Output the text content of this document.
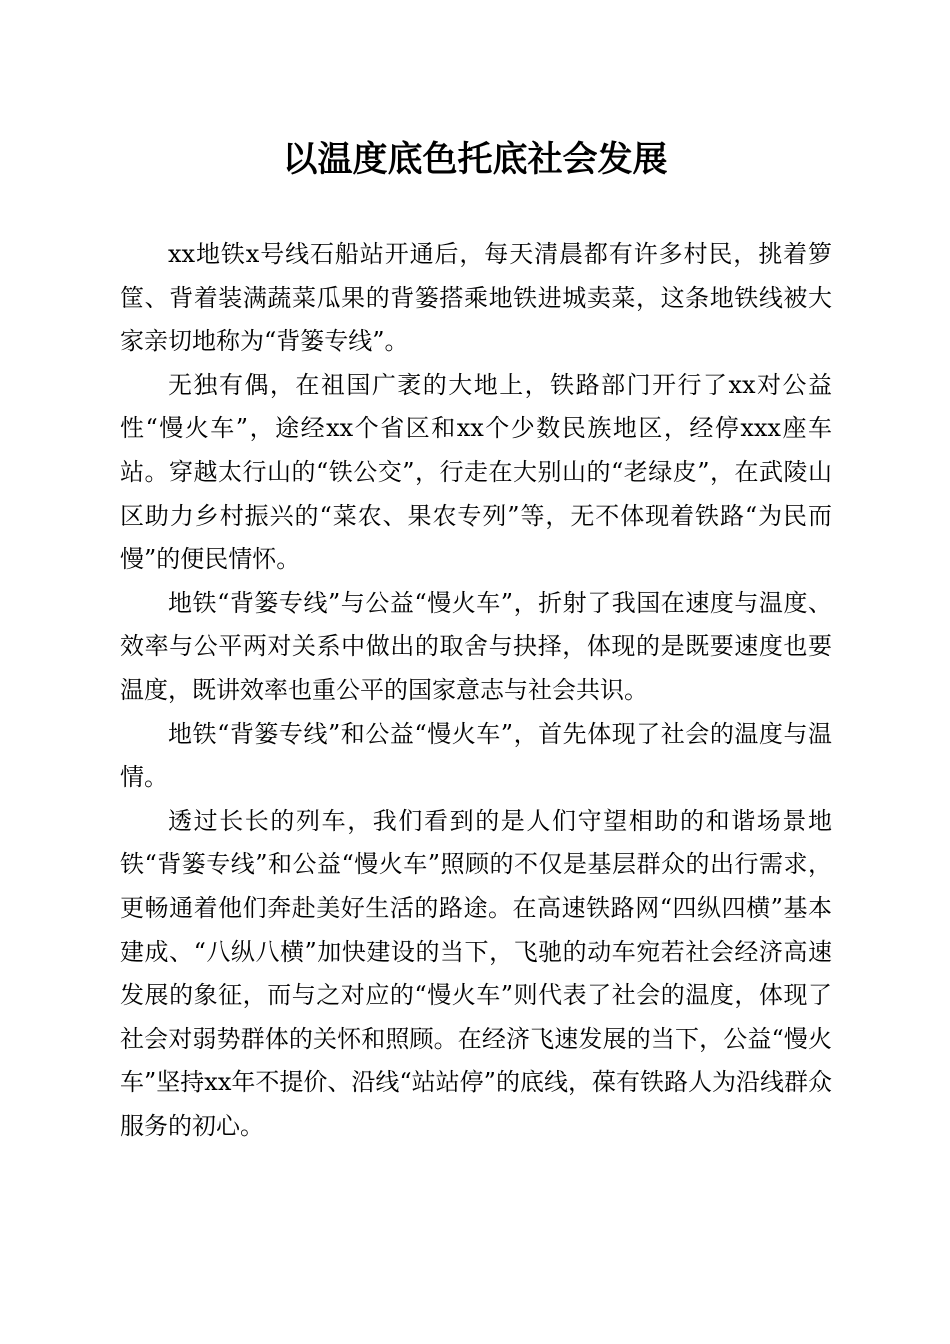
以温度底色托底社会发展

xx地铁x号线石船站开通后，每天清晨都有许多村民，挑着箩筐、背着装满蔬菜瓜果的背篓搭乘地铁进城卖菜，这条地铁线被大家亲切地称为“背篓专线”。

无独有偶，在祖国广袤的大地上，铁路部门开行了xx对公益性“慢火车”，途经xx个省区和xx个少数民族地区，经停xxx座车站。穿越太行山的“铁公交”，行走在大别山的“老绿皮”，在武陵山区助力乡村振兴的“菜农、果农专列”等，无不体现着铁路“为民而慢”的便民情怀。

地铁“背篓专线”与公益“慢火车”，折射了我国在速度与温度、效率与公平两对关系中做出的取舍与抉择，体现的是既要速度也要温度，既讲效率也重公平的国家意志与社会共识。

地铁“背篓专线”和公益“慢火车”，首先体现了社会的温度与温情。

透过长长的列车，我们看到的是人们守望相助的和谐场景地铁“背篓专线”和公益“慢火车”照顾的不仅是基层群众的出行需求，更畅通着他们奔赴美好生活的路途。在高速铁路网“四纵四横”基本建成、“八纵八横”加快建设的当下，飞驰的动车宛若社会经济高速发展的象征，而与之对应的“慢火车”则代表了社会的温度，体现了社会对弱势群体的关怀和照顾。在经济飞速发展的当下，公益“慢火车”坚持xx年不提价、沿线“站站停”的底线，葆有铁路人为沿线群众服务的初心。
